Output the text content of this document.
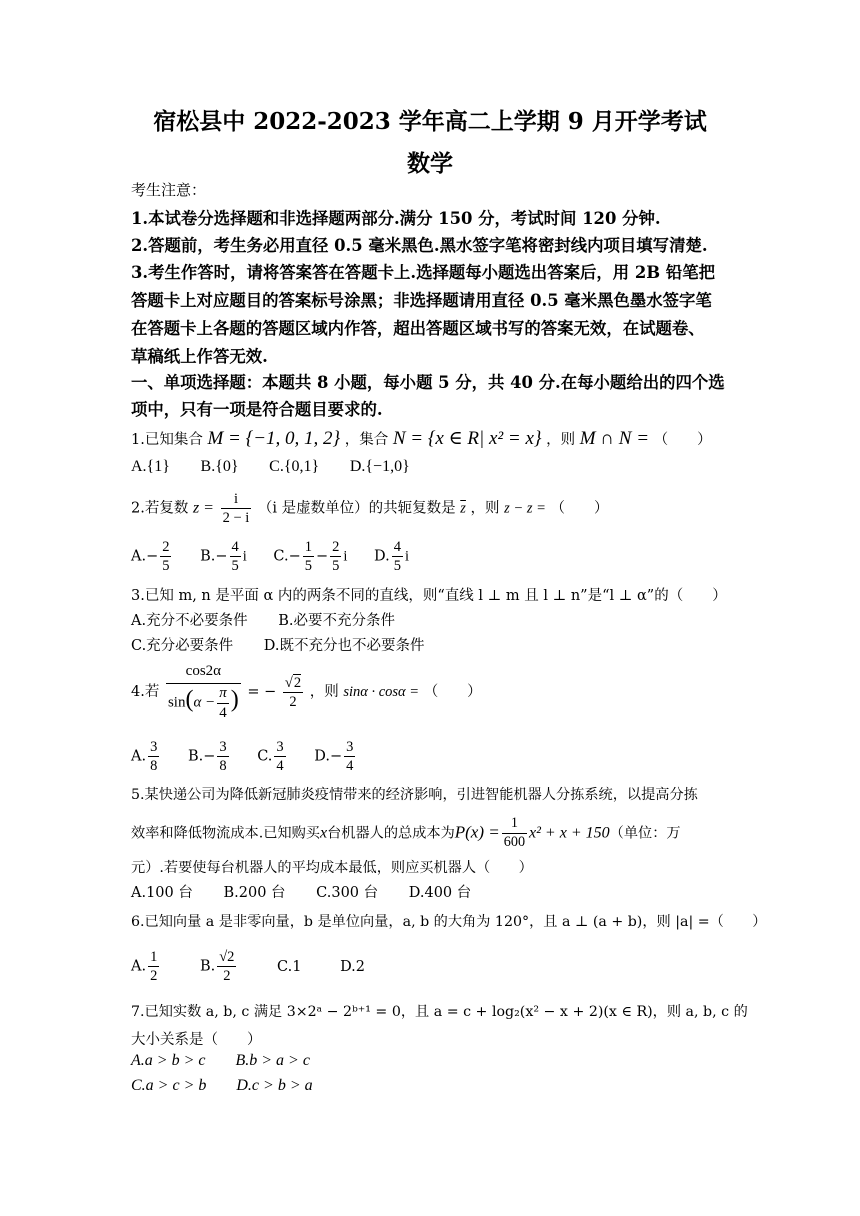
宿松县中 2022-2023 学年高二上学期 9 月开学考试
数学
考生注意：
1.本试卷分选择题和非选择题两部分.满分 150 分，考试时间 120 分钟.
2.答题前，考生务必用直径 0.5 毫米黑色.黑水签字笔将密封线内项目填写清楚.
3.考生作答时，请将答案答在答题卡上.选择题每小题选出答案后，用 2B 铅笔把
答题卡上对应题目的答案标号涂黑；非选择题请用直径 0.5 毫米黑色墨水签字笔
在答题卡上各题的答题区域内作答，超出答题区域书写的答案无效，在试题卷、
草稿纸上作答无效.
一、单项选择题：本题共 8 小题，每小题 5 分，共 40 分.在每小题给出的四个选
项中，只有一项是符合题目要求的.
1.已知集合 M = {−1, 0, 1, 2} ，集合 N = {x ∈ R| x² = x} ，则 M ∩ N = （　　）
A.{1} B.{0} C.{0,1} D.{−1,0}
2.若复数 $z = \frac{i}{2 - i} (i$ 是虚数单位）的共轭复数是 $\overline{z}$ ，则 z − z = （　　）
$A.- \frac{2}{5} B.- \frac{4}{5}$ i $C.- \frac{1}{5} - \frac{2}{5}$ i D. $\frac{4}{5}$ i
3.已知 m, n 是平面 α 内的两条不同的直线，则“直线 l ⊥ m 且 l ⊥ n”是“l ⊥ α”的（　　）
A.充分不必要条件 B.必要不充分条件
C.充分必要条件 D.既不充分也不必要条件
4.若 $\frac{\cos 2\alpha}{\sin(\alpha - \frac{\pi}{4} )}$ = − $\frac{√2}{2}$ ，则 sinα · cosα = （　　）
A. $\frac{3}{8} B.- \frac{3}{8} C$. $\frac{3}{4} D.- \frac{3}{4}$
5.某快递公司为降低新冠肺炎疫情带来的经济影响，引进智能机器人分拣系统，以提高分拣
效率和降低物流成本.已知购买x台机器人的总成本为$P(x) = \frac{1}{600} x^2 + x + 150$（单位：万
元）.若要使每台机器人的平均成本最低，则应买机器人（　　）
A.100 台 B.200 台 C.300 台 D.400 台
6.已知向量 a 是非零向量，b 是单位向量，a, b 的大角为 120°，且 a ⊥ (a + b)，则 |a| =（　　）
A. $\frac{1}{2}$	B. $\frac{√2}{2}$	C.1	D.2
7.已知实数 a, b, c 满足 3×2ᵃ − 2ᵇ⁺¹ = 0，且 a = c + log₂(x² − x + 2)(x ∈ R)，则 a, b, c 的
大小关系是（　　）
A.a > b > c B.b > a > c
C.a > c > b D.c > b > a
